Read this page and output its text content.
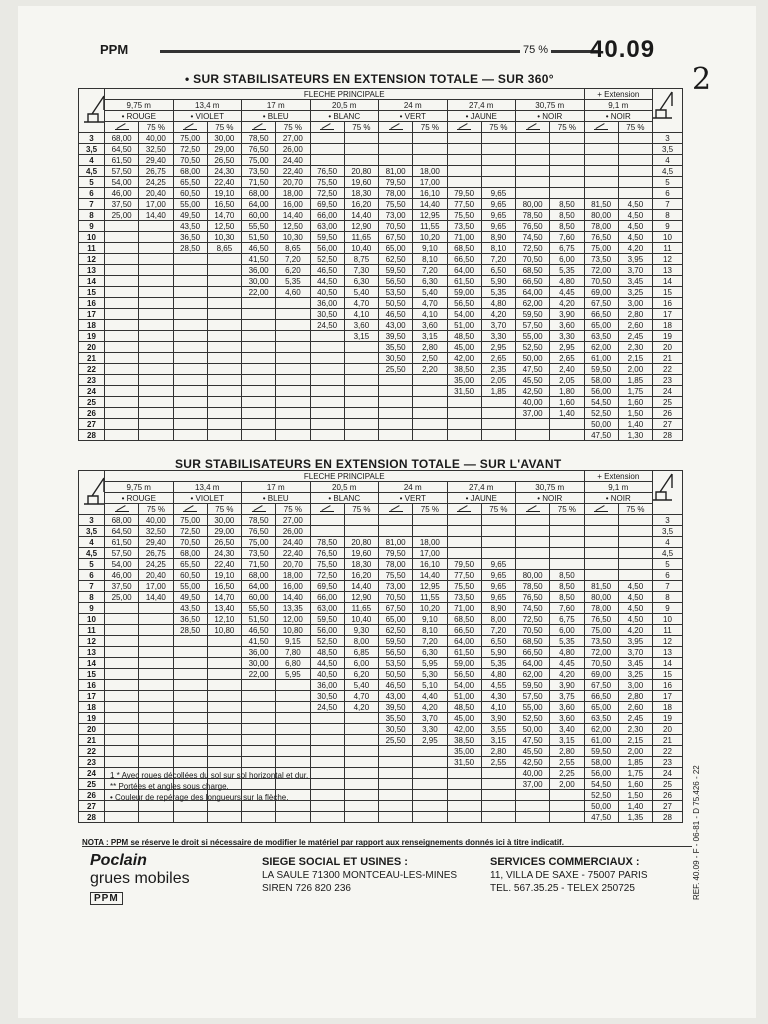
PPM	75 % 40.09
2
• SUR STABILISATEURS EN EXTENSION TOTALE — SUR 360°
	FLECHE PRINCIPALE														+ Extension		
	9,75 m		13,4 m		17 m		20,5 m		24 m		27,4 m		30,75 m		9,1 m		
	• ROUGE		• VIOLET		• BLEU		• BLANC		• VERT		• JAUNE		• NOIR		• NOIR		
		75 %		75 %		75 %		75 %		75 %		75 %		75 %		75 %	
3	68,00	40,00	75,00	30,00	78,50	27,00											3
3,5	64,50	32,50	72,50	29,00	76,50	26,00											3,5
4	61,50	29,40	70,50	26,50	75,00	24,40											4
4,5	57,50	26,75	68,00	24,30	73,50	22,40	76,50	20,80	81,00	18,00							4,5
5	54,00	24,25	65,50	22,40	71,50	20,70	75,50	19,60	79,50	17,00							5
6	46,00	20,40	60,50	19,10	68,00	18,00	72,50	18,30	78,00	16,10	79,50	9,65					6
7	37,50	17,00	55,00	16,50	64,00	16,00	69,50	16,20	75,50	14,40	77,50	9,65	80,00	8,50	81,50	4,50	7
8	25,00	14,40	49,50	14,70	60,00	14,40	66,00	14,40	73,00	12,95	75,50	9,65	78,50	8,50	80,00	4,50	8
9			43,50	12,50	55,50	12,50	63,00	12,90	70,50	11,55	73,50	9,65	76,50	8,50	78,00	4,50	9
10			36,50	10,30	51,50	10,30	59,50	11,65	67,50	10,20	71,00	8,90	74,50	7,60	76,50	4,50	10
11			28,50	8,65	46,50	8,65	56,00	10,40	65,00	9,10	68,50	8,10	72,50	6,75	75,00	4,20	11
12					41,50	7,20	52,50	8,75	62,50	8,10	66,50	7,20	70,50	6,00	73,50	3,95	12
13					36,00	6,20	46,50	7,30	59,50	7,20	64,00	6,50	68,50	5,35	72,00	3,70	13
14					30,00	5,35	44,50	6,30	56,50	6,30	61,50	5,90	66,50	4,80	70,50	3,45	14
15					22,00	4,60	40,50	5,40	53,50	5,40	59,00	5,35	64,00	4,45	69,00	3,25	15
16							36,00	4,70	50,50	4,70	56,50	4,80	62,00	4,20	67,50	3,00	16
17							30,50	4,10	46,50	4,10	54,00	4,20	59,50	3,90	66,50	2,80	17
18							24,50	3,60	43,00	3,60	51,00	3,70	57,50	3,60	65,00	2,60	18
19								3,15	39,50	3,15	48,50	3,30	55,00	3,30	63,50	2,45	19
20									35,50	2,80	45,00	2,95	52,50	2,95	62,00	2,30	20
21									30,50	2,50	42,00	2,65	50,00	2,65	61,00	2,15	21
22									25,50	2,20	38,50	2,35	47,50	2,40	59,50	2,00	22
23											35,00	2,05	45,50	2,05	58,00	1,85	23
24											31,50	1,85	42,50	1,80	56,00	1,75	24
25													40,00	1,60	54,50	1,60	25
26													37,00	1,40	52,50	1,50	26
27															50,00	1,40	27
28															47,50	1,30	28
SUR STABILISATEURS EN EXTENSION TOTALE — SUR L'AVANT
	FLECHE PRINCIPALE														+ Extension		
	9,75 m		13,4 m		17 m		20,5 m		24 m		27,4 m		30,75 m		9,1 m		
	• ROUGE		• VIOLET		• BLEU		• BLANC		• VERT		• JAUNE		• NOIR		• NOIR		
		75 %		75 %		75 %		75 %		75 %		75 %		75 %		75 %	
3	68,00	40,00	75,00	30,00	78,50	27,00											3
3,5	64,50	32,50	72,50	29,00	76,50	26,00											3,5
4	61,50	29,40	70,50	26,50	75,00	24,40	78,50	20,80	81,00	18,00							4
4,5	57,50	26,75	68,00	24,30	73,50	22,40	76,50	19,60	79,50	17,00							4,5
5	54,00	24,25	65,50	22,40	71,50	20,70	75,50	18,30	78,00	16,10	79,50	9,65					5
6	46,00	20,40	60,50	19,10	68,00	18,00	72,50	16,20	75,50	14,40	77,50	9,65	80,00	8,50			6
7	37,50	17,00	55,00	16,50	64,00	16,00	69,50	14,40	73,00	12,95	75,50	9,65	78,50	8,50	81,50	4,50	7
8	25,00	14,40	49,50	14,70	60,00	14,40	66,00	12,90	70,50	11,55	73,50	9,65	76,50	8,50	80,00	4,50	8
9			43,50	13,40	55,50	13,35	63,00	11,65	67,50	10,20	71,00	8,90	74,50	7,60	78,00	4,50	9
10			36,50	12,10	51,50	12,00	59,50	10,40	65,00	9,10	68,50	8,00	72,50	6,75	76,50	4,50	10
11			28,50	10,80	46,50	10,80	56,00	9,30	62,50	8,10	66,50	7,20	70,50	6,00	75,00	4,20	11
12					41,50	9,15	52,50	8,00	59,50	7,20	64,00	6,50	68,50	5,35	73,50	3,95	12
13					36,00	7,80	48,50	6,85	56,50	6,30	61,50	5,90	66,50	4,80	72,00	3,70	13
14					30,00	6,80	44,50	6,00	53,50	5,95	59,00	5,35	64,00	4,45	70,50	3,45	14
15					22,00	5,95	40,50	6,20	50,50	5,30	56,50	4,80	62,00	4,20	69,00	3,25	15
16							36,00	5,40	46,50	5,10	54,00	4,55	59,50	3,90	67,50	3,00	16
17							30,50	4,70	43,00	4,40	51,00	4,30	57,50	3,75	66,50	2,80	17
18							24,50	4,20	39,50	4,20	48,50	4,10	55,00	3,60	65,00	2,60	18
19									35,50	3,70	45,00	3,90	52,50	3,60	63,50	2,45	19
20									30,50	3,30	42,00	3,55	50,00	3,40	62,00	2,30	20
21									25,50	2,95	38,50	3,15	47,50	3,15	61,00	2,15	21
22											35,00	2,80	45,50	2,80	59,50	2,00	22
23											31,50	2,55	42,50	2,55	58,00	1,85	23
24													40,00	2,25	56,00	1,75	24
25													37,00	2,00	54,50	1,60	25
26															52,50	1,50	26
27															50,00	1,40	27
28															47,50	1,35	28
1 * Avec roues décollées du sol sur sol horizontal et dur.
** Portées et angles sous charge.
• Couleur de repérage des longueurs sur la flèche.
NOTA : PPM se réserve le droit si nécessaire de modifier le matériel par rapport aux renseignements donnés ici à titre indicatif.
Poclain
grues mobiles
PPM
SIEGE SOCIAL ET USINES :
LA SAULE 71300 MONTCEAU-LES-MINES
SIREN 726 820 236
SERVICES COMMERCIAUX :
11, VILLA DE SAXE - 75007 PARIS
TEL. 567.35.25 - TELEX 250725	REF. 40.09 - F - 06-81 - D 75.426 - 22
